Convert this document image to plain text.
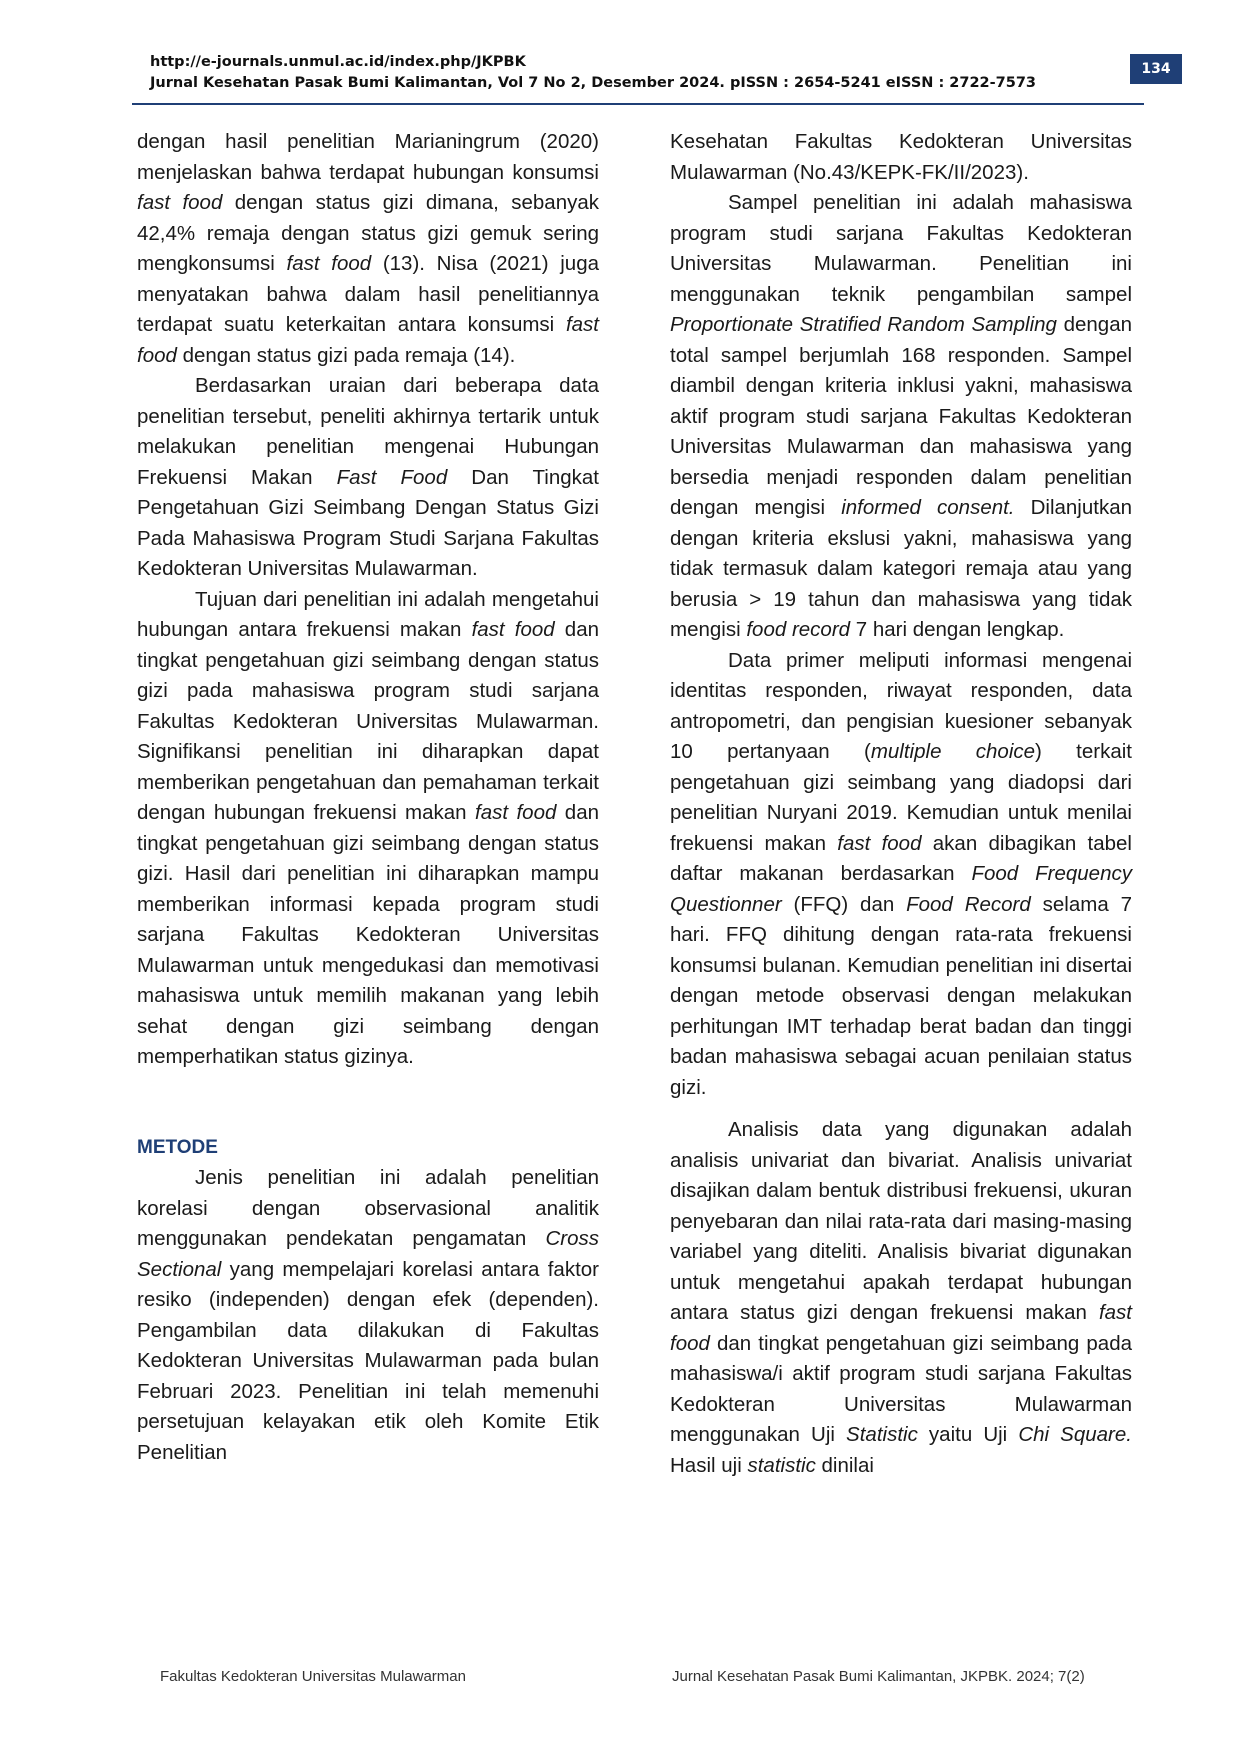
http://e-journals.unmul.ac.id/index.php/JKPBK
Jurnal Kesehatan Pasak Bumi Kalimantan, Vol 7 No 2, Desember 2024. pISSN : 2654-5241 eISSN : 2722-7573
134

dengan hasil penelitian Marianingrum (2020) menjelaskan bahwa terdapat hubungan konsumsi fast food dengan status gizi dimana, sebanyak 42,4% remaja dengan status gizi gemuk sering mengkonsumsi fast food (13). Nisa (2021) juga menyatakan bahwa dalam hasil penelitiannya terdapat suatu keterkaitan antara konsumsi fast food dengan status gizi pada remaja (14).

Berdasarkan uraian dari beberapa data penelitian tersebut, peneliti akhirnya tertarik untuk melakukan penelitian mengenai Hubungan Frekuensi Makan Fast Food Dan Tingkat Pengetahuan Gizi Seimbang Dengan Status Gizi Pada Mahasiswa Program Studi Sarjana Fakultas Kedokteran Universitas Mulawarman.

Tujuan dari penelitian ini adalah mengetahui hubungan antara frekuensi makan fast food dan tingkat pengetahuan gizi seimbang dengan status gizi pada mahasiswa program studi sarjana Fakultas Kedokteran Universitas Mulawarman. Signifikansi penelitian ini diharapkan dapat memberikan pengetahuan dan pemahaman terkait dengan hubungan frekuensi makan fast food dan tingkat pengetahuan gizi seimbang dengan status gizi. Hasil dari penelitian ini diharapkan mampu memberikan informasi kepada program studi sarjana Fakultas Kedokteran Universitas Mulawarman untuk mengedukasi dan memotivasi mahasiswa untuk memilih makanan yang lebih sehat dengan gizi seimbang dengan memperhatikan status gizinya.

METODE

Jenis penelitian ini adalah penelitian korelasi dengan observasional analitik menggunakan pendekatan pengamatan Cross Sectional yang mempelajari korelasi antara faktor resiko (independen) dengan efek (dependen). Pengambilan data dilakukan di Fakultas Kedokteran Universitas Mulawarman pada bulan Februari 2023. Penelitian ini telah memenuhi persetujuan kelayakan etik oleh Komite Etik Penelitian

Kesehatan Fakultas Kedokteran Universitas Mulawarman (No.43/KEPK-FK/II/2023).

Sampel penelitian ini adalah mahasiswa program studi sarjana Fakultas Kedokteran Universitas Mulawarman. Penelitian ini menggunakan teknik pengambilan sampel Proportionate Stratified Random Sampling dengan total sampel berjumlah 168 responden. Sampel diambil dengan kriteria inklusi yakni, mahasiswa aktif program studi sarjana Fakultas Kedokteran Universitas Mulawarman dan mahasiswa yang bersedia menjadi responden dalam penelitian dengan mengisi informed consent. Dilanjutkan dengan kriteria ekslusi yakni, mahasiswa yang tidak termasuk dalam kategori remaja atau yang berusia > 19 tahun dan mahasiswa yang tidak mengisi food record 7 hari dengan lengkap.

Data primer meliputi informasi mengenai identitas responden, riwayat responden, data antropometri, dan pengisian kuesioner sebanyak 10 pertanyaan (multiple choice) terkait pengetahuan gizi seimbang yang diadopsi dari penelitian Nuryani 2019. Kemudian untuk menilai frekuensi makan fast food akan dibagikan tabel daftar makanan berdasarkan Food Frequency Questionner (FFQ) dan Food Record selama 7 hari. FFQ dihitung dengan rata-rata frekuensi konsumsi bulanan. Kemudian penelitian ini disertai dengan metode observasi dengan melakukan perhitungan IMT terhadap berat badan dan tinggi badan mahasiswa sebagai acuan penilaian status gizi.

Analisis data yang digunakan adalah analisis univariat dan bivariat. Analisis univariat disajikan dalam bentuk distribusi frekuensi, ukuran penyebaran dan nilai rata-rata dari masing-masing variabel yang diteliti. Analisis bivariat digunakan untuk mengetahui apakah terdapat hubungan antara status gizi dengan frekuensi makan fast food dan tingkat pengetahuan gizi seimbang pada mahasiswa/i aktif program studi sarjana Fakultas Kedokteran Universitas Mulawarman menggunakan Uji Statistic yaitu Uji Chi Square. Hasil uji statistic dinilai

Fakultas Kedokteran Universitas Mulawarman	Jurnal Kesehatan Pasak Bumi Kalimantan, JKPBK. 2024; 7(2)
